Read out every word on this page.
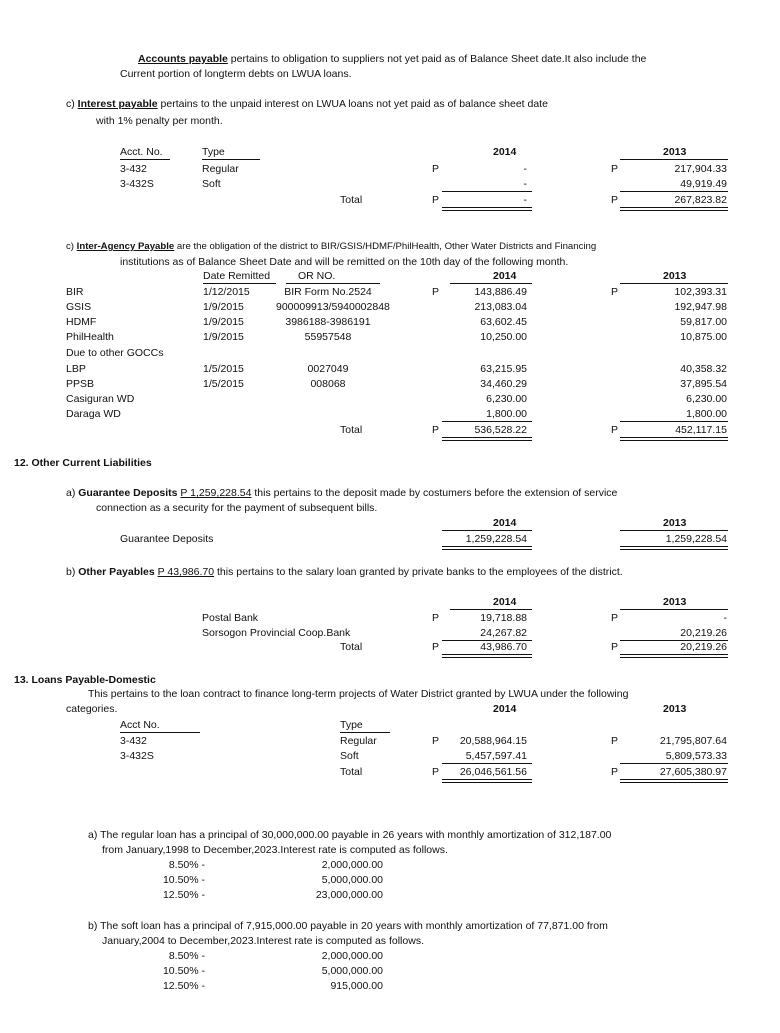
Accounts payable pertains to obligation to suppliers not yet paid as of Balance Sheet date.It also include the
Current portion of longterm debts on LWUA loans.
c) Interest payable pertains to the unpaid interest on LWUA loans not yet paid as of balance sheet date
with 1% penalty per month.
Acct. No.	Type	2014	2013
3-432	Regular	P	-	P	217,904.33
3-432S	Soft	-	49,919.49
Total	P	-	P	267,823.82
c) Inter-Agency Payable are the obligation of the district to BIR/GSIS/HDMF/PhilHealth, Other Water Districts and Financing
institutions as of Balance Sheet Date and will be remitted on the 10th day of the following month.
Date Remitted	OR NO.	2014	2013
BIR	1/12/2015	BIR Form No.2524	P	143,886.49	P	102,393.31
GSIS	1/9/2015	900009913/5940002848	213,083.04	192,947.98
HDMF	1/9/2015	3986188-3986191	63,602.45	59,817.00
PhilHealth	1/9/2015	55957548	10,250.00	10,875.00
Due to other GOCCs
LBP	1/5/2015	0027049	63,215.95	40,358.32
PPSB	1/5/2015	008068	34,460.29	37,895.54
Casiguran WD	6,230.00	6,230.00
Daraga WD	1,800.00	1,800.00
Total	P	536,528.22	P	452,117.15
12. Other Current Liabilities
a) Guarantee Deposits P 1,259,228.54 this pertains to the deposit made by costumers before the extension of service
connection as a security for the payment of subsequent bills.
2014	2013
Guarantee Deposits	1,259,228.54	1,259,228.54
b) Other Payables P 43,986.70 this pertains to the salary loan granted by private banks to the employees of the district.
2014	2013
Postal Bank	P	19,718.88	P	-
Sorsogon Provincial Coop.Bank	24,267.82	20,219.26
Total	P	43,986.70	P	20,219.26
13. Loans Payable-Domestic
This pertains to the loan contract to finance long-term projects of Water District granted by LWUA under the following
categories.	2014	2013
Acct No.	Type
3-432	Regular	P	20,588,964.15	P	21,795,807.64
3-432S	Soft	5,457,597.41	5,809,573.33
Total	P	26,046,561.56	P	27,605,380.97
a) The regular loan has a principal of 30,000,000.00 payable in 26 years with monthly amortization of 312,187.00
from January,1998 to December,2023.Interest rate is computed as follows.
8.50% -	2,000,000.00
10.50% -	5,000,000.00
12.50% -	23,000,000.00
b) The soft loan has a principal of 7,915,000.00 payable in 20 years with monthly amortization of 77,871.00 from
January,2004 to December,2023.Interest rate is computed as follows.
8.50% -	2,000,000.00
10.50% -	5,000,000.00
12.50% -	915,000.00
